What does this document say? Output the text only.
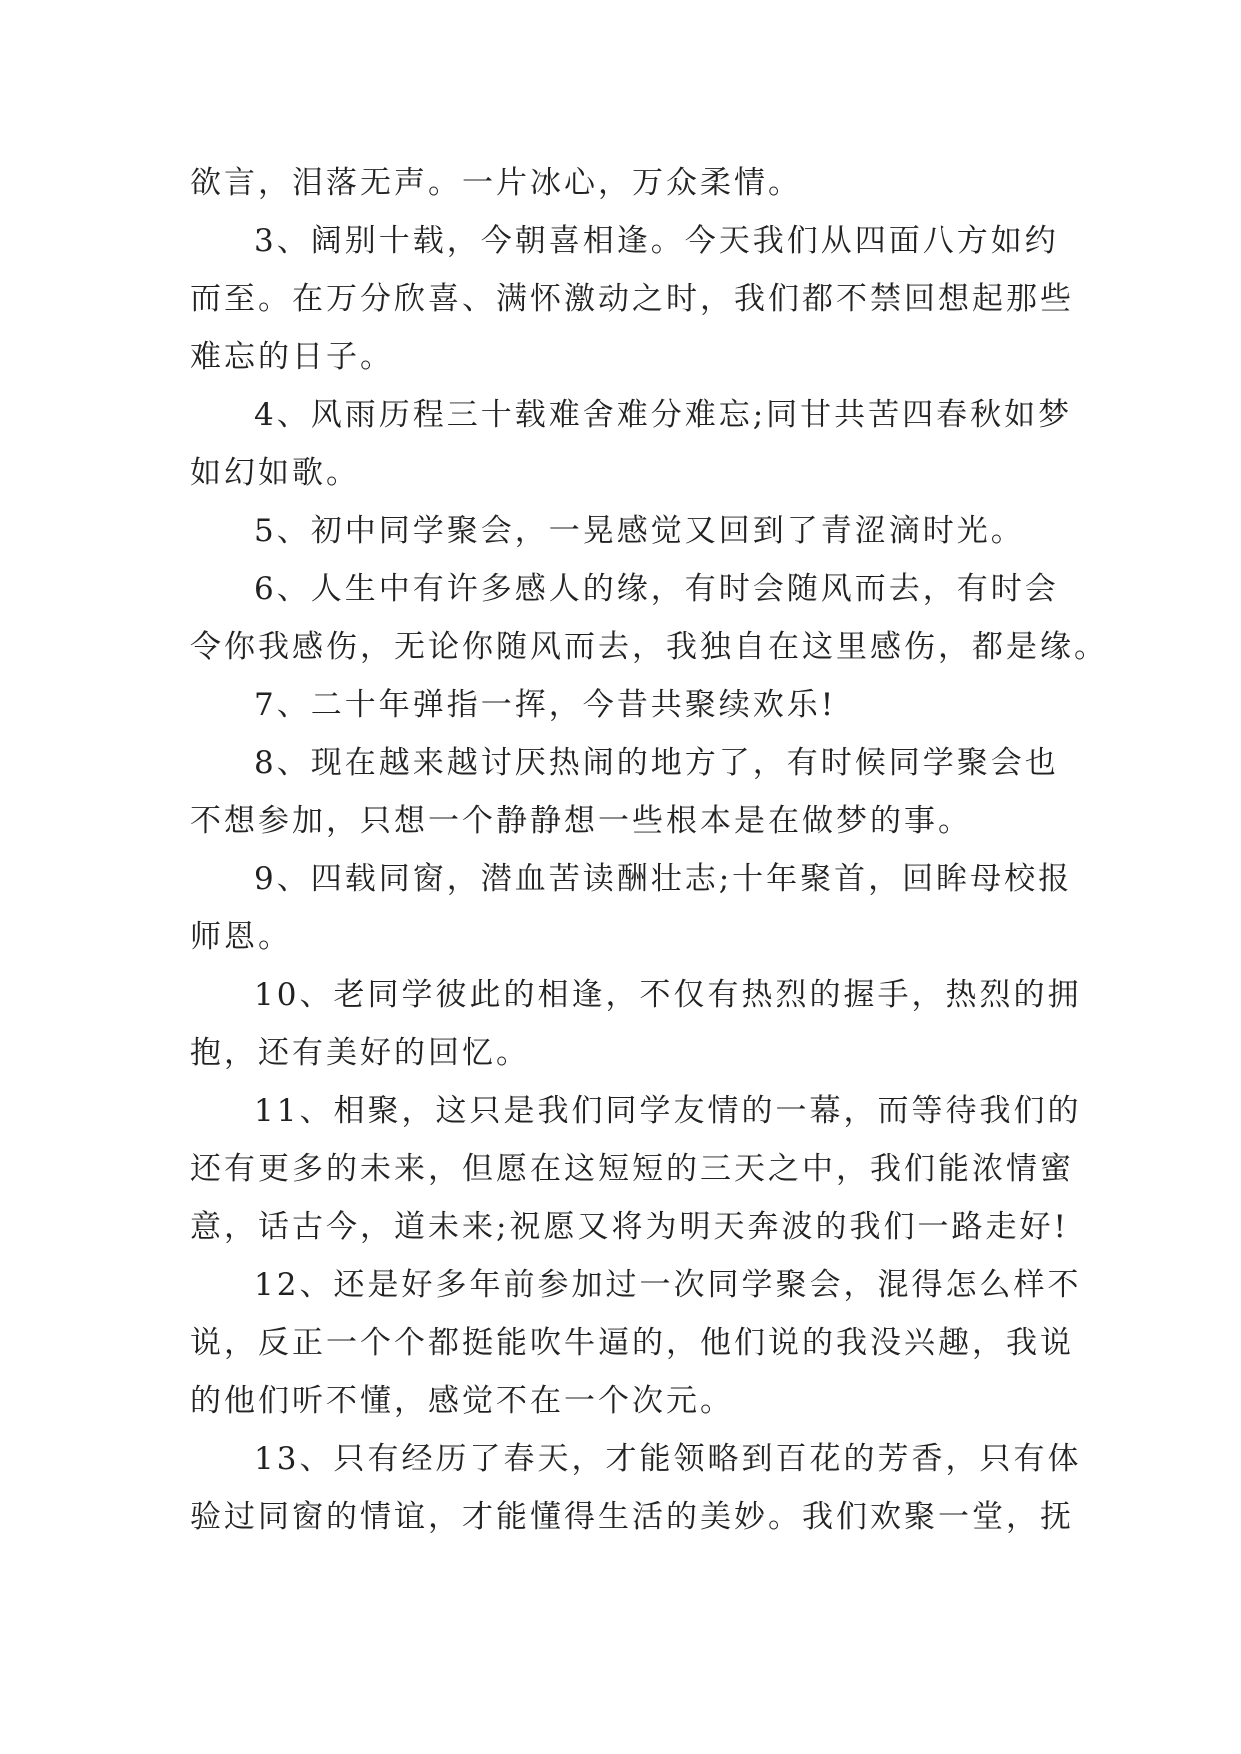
欲言，泪落无声。一片冰心，万众柔情。
3、阔别十载，今朝喜相逢。今天我们从四面八方如约
而至。在万分欣喜、满怀激动之时，我们都不禁回想起那些
难忘的日子。
4、风雨历程三十载难舍难分难忘;同甘共苦四春秋如梦
如幻如歌。
5、初中同学聚会，一晃感觉又回到了青涩滴时光。
6、人生中有许多感人的缘，有时会随风而去，有时会
令你我感伤，无论你随风而去，我独自在这里感伤，都是缘。
7、二十年弹指一挥，今昔共聚续欢乐!
8、现在越来越讨厌热闹的地方了，有时候同学聚会也
不想参加，只想一个静静想一些根本是在做梦的事。
9、四载同窗，潜血苦读酬壮志;十年聚首，回眸母校报
师恩。
10、老同学彼此的相逢，不仅有热烈的握手，热烈的拥
抱，还有美好的回忆。
11、相聚，这只是我们同学友情的一幕，而等待我们的
还有更多的未来，但愿在这短短的三天之中，我们能浓情蜜
意，话古今，道未来;祝愿又将为明天奔波的我们一路走好!
12、还是好多年前参加过一次同学聚会，混得怎么样不
说，反正一个个都挺能吹牛逼的，他们说的我没兴趣，我说
的他们听不懂，感觉不在一个次元。
13、只有经历了春天，才能领略到百花的芳香，只有体
验过同窗的情谊，才能懂得生活的美妙。我们欢聚一堂，抚
